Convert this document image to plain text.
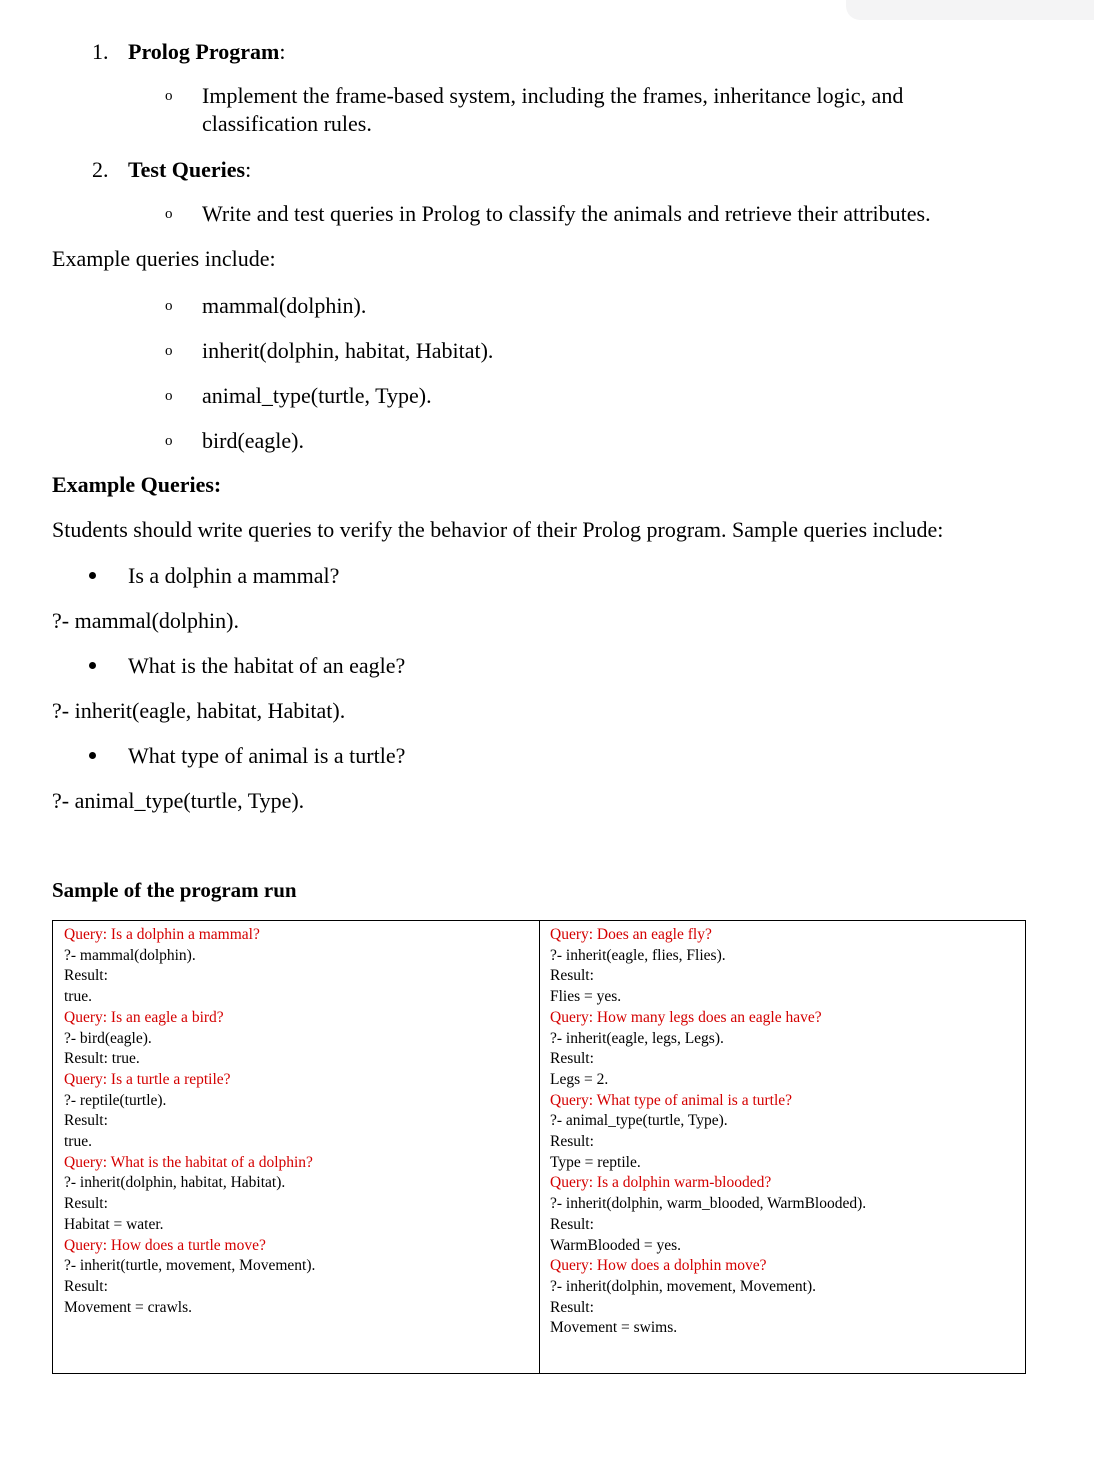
1. Prolog Program:
o Implement the frame-based system, including the frames, inheritance logic, and
classification rules.
2. Test Queries:
o Write and test queries in Prolog to classify the animals and retrieve their attributes.
Example queries include:
o mammal(dolphin).
o inherit(dolphin, habitat, Habitat).
o animal_type(turtle, Type).
o bird(eagle).
Example Queries:
Students should write queries to verify the behavior of their Prolog program. Sample queries include:
Is a dolphin a mammal?
?- mammal(dolphin).
What is the habitat of an eagle?
?- inherit(eagle, habitat, Habitat).
What type of animal is a turtle?
?- animal_type(turtle, Type).
Sample of the program run
Query: Is a dolphin a mammal?
?- mammal(dolphin).
Result:
true.
Query: Is an eagle a bird?
?- bird(eagle).
Result: true.
Query: Is a turtle a reptile?
?- reptile(turtle).
Result:
true.
Query: What is the habitat of a dolphin?
?- inherit(dolphin, habitat, Habitat).
Result:
Habitat = water.
Query: How does a turtle move?
?- inherit(turtle, movement, Movement).
Result:
Movement = crawls.
Query: Does an eagle fly?
?- inherit(eagle, flies, Flies).
Result:
Flies = yes.
Query: How many legs does an eagle have?
?- inherit(eagle, legs, Legs).
Result:
Legs = 2.
Query: What type of animal is a turtle?
?- animal_type(turtle, Type).
Result:
Type = reptile.
Query: Is a dolphin warm-blooded?
?- inherit(dolphin, warm_blooded, WarmBlooded).
Result:
WarmBlooded = yes.
Query: How does a dolphin move?
?- inherit(dolphin, movement, Movement).
Result:
Movement = swims.
